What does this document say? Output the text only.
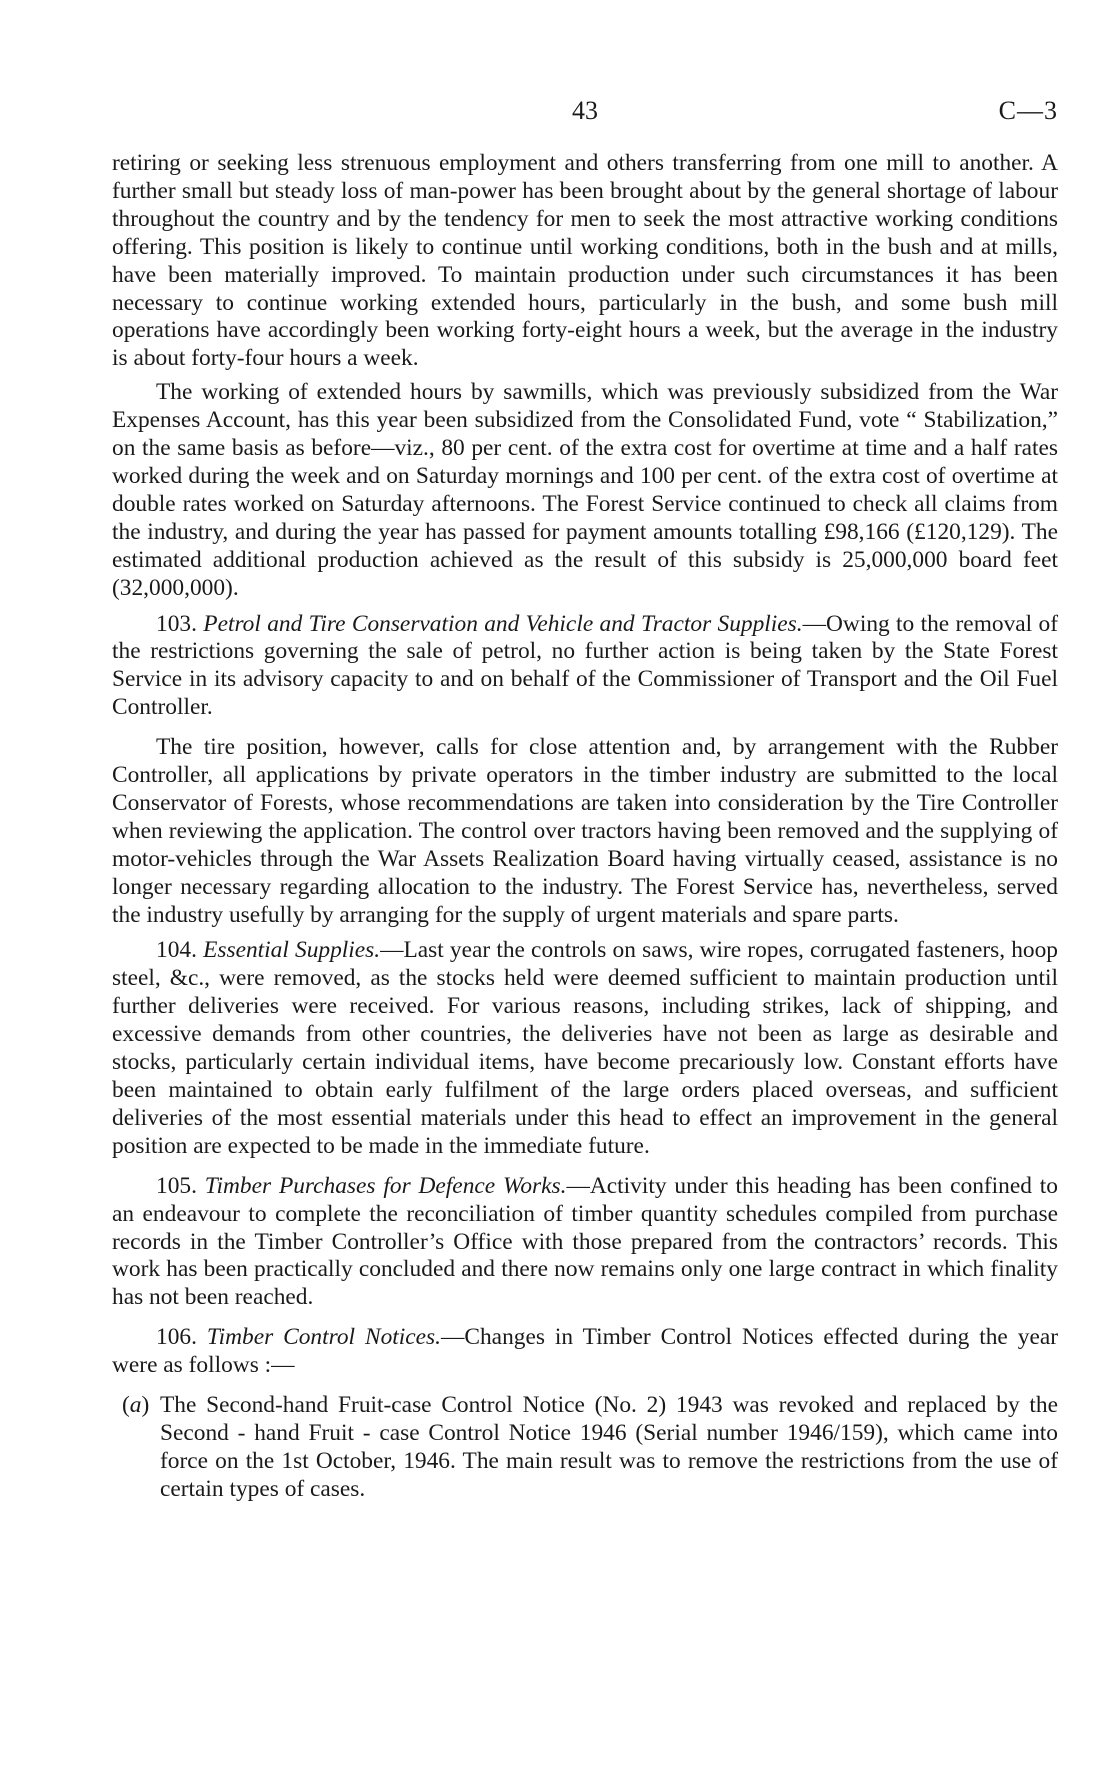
43	C—3

retiring or seeking less strenuous employment and others transferring from one mill to another. A further small but steady loss of man-power has been brought about by the general shortage of labour throughout the country and by the tendency for men to seek the most attractive working conditions offering. This position is likely to continue until working conditions, both in the bush and at mills, have been materially improved. To maintain production under such circumstances it has been necessary to continue working extended hours, particularly in the bush, and some bush mill operations have accordingly been working forty-eight hours a week, but the average in the industry is about forty-four hours a week.

The working of extended hours by sawmills, which was previously subsidized from the War Expenses Account, has this year been subsidized from the Consolidated Fund, vote “ Stabilization,” on the same basis as before—viz., 80 per cent. of the extra cost for overtime at time and a half rates worked during the week and on Saturday mornings and 100 per cent. of the extra cost of overtime at double rates worked on Saturday afternoons. The Forest Service continued to check all claims from the industry, and during the year has passed for payment amounts totalling £98,166 (£120,129). The estimated additional production achieved as the result of this subsidy is 25,000,000 board feet (32,000,000).

103. Petrol and Tire Conservation and Vehicle and Tractor Supplies.—Owing to the removal of the restrictions governing the sale of petrol, no further action is being taken by the State Forest Service in its advisory capacity to and on behalf of the Commissioner of Transport and the Oil Fuel Controller.

The tire position, however, calls for close attention and, by arrangement with the Rubber Controller, all applications by private operators in the timber industry are submitted to the local Conservator of Forests, whose recommendations are taken into consideration by the Tire Controller when reviewing the application. The control over tractors having been removed and the supplying of motor-vehicles through the War Assets Realization Board having virtually ceased, assistance is no longer necessary regarding allocation to the industry. The Forest Service has, nevertheless, served the industry usefully by arranging for the supply of urgent materials and spare parts.

104. Essential Supplies.—Last year the controls on saws, wire ropes, corrugated fasteners, hoop steel, &c., were removed, as the stocks held were deemed sufficient to maintain production until further deliveries were received. For various reasons, including strikes, lack of shipping, and excessive demands from other countries, the deliveries have not been as large as desirable and stocks, particularly certain individual items, have become precariously low. Constant efforts have been maintained to obtain early fulfilment of the large orders placed overseas, and sufficient deliveries of the most essential materials under this head to effect an improvement in the general position are expected to be made in the immediate future.

105. Timber Purchases for Defence Works.—Activity under this heading has been confined to an endeavour to complete the reconciliation of timber quantity schedules compiled from purchase records in the Timber Controller’s Office with those prepared from the contractors’ records. This work has been practically concluded and there now remains only one large contract in which finality has not been reached.

106. Timber Control Notices.—Changes in Timber Control Notices effected during the year were as follows :—

(a) The Second-hand Fruit-case Control Notice (No. 2) 1943 was revoked and replaced by the Second - hand Fruit - case Control Notice 1946 (Serial number 1946/159), which came into force on the 1st October, 1946. The main result was to remove the restrictions from the use of certain types of cases.
